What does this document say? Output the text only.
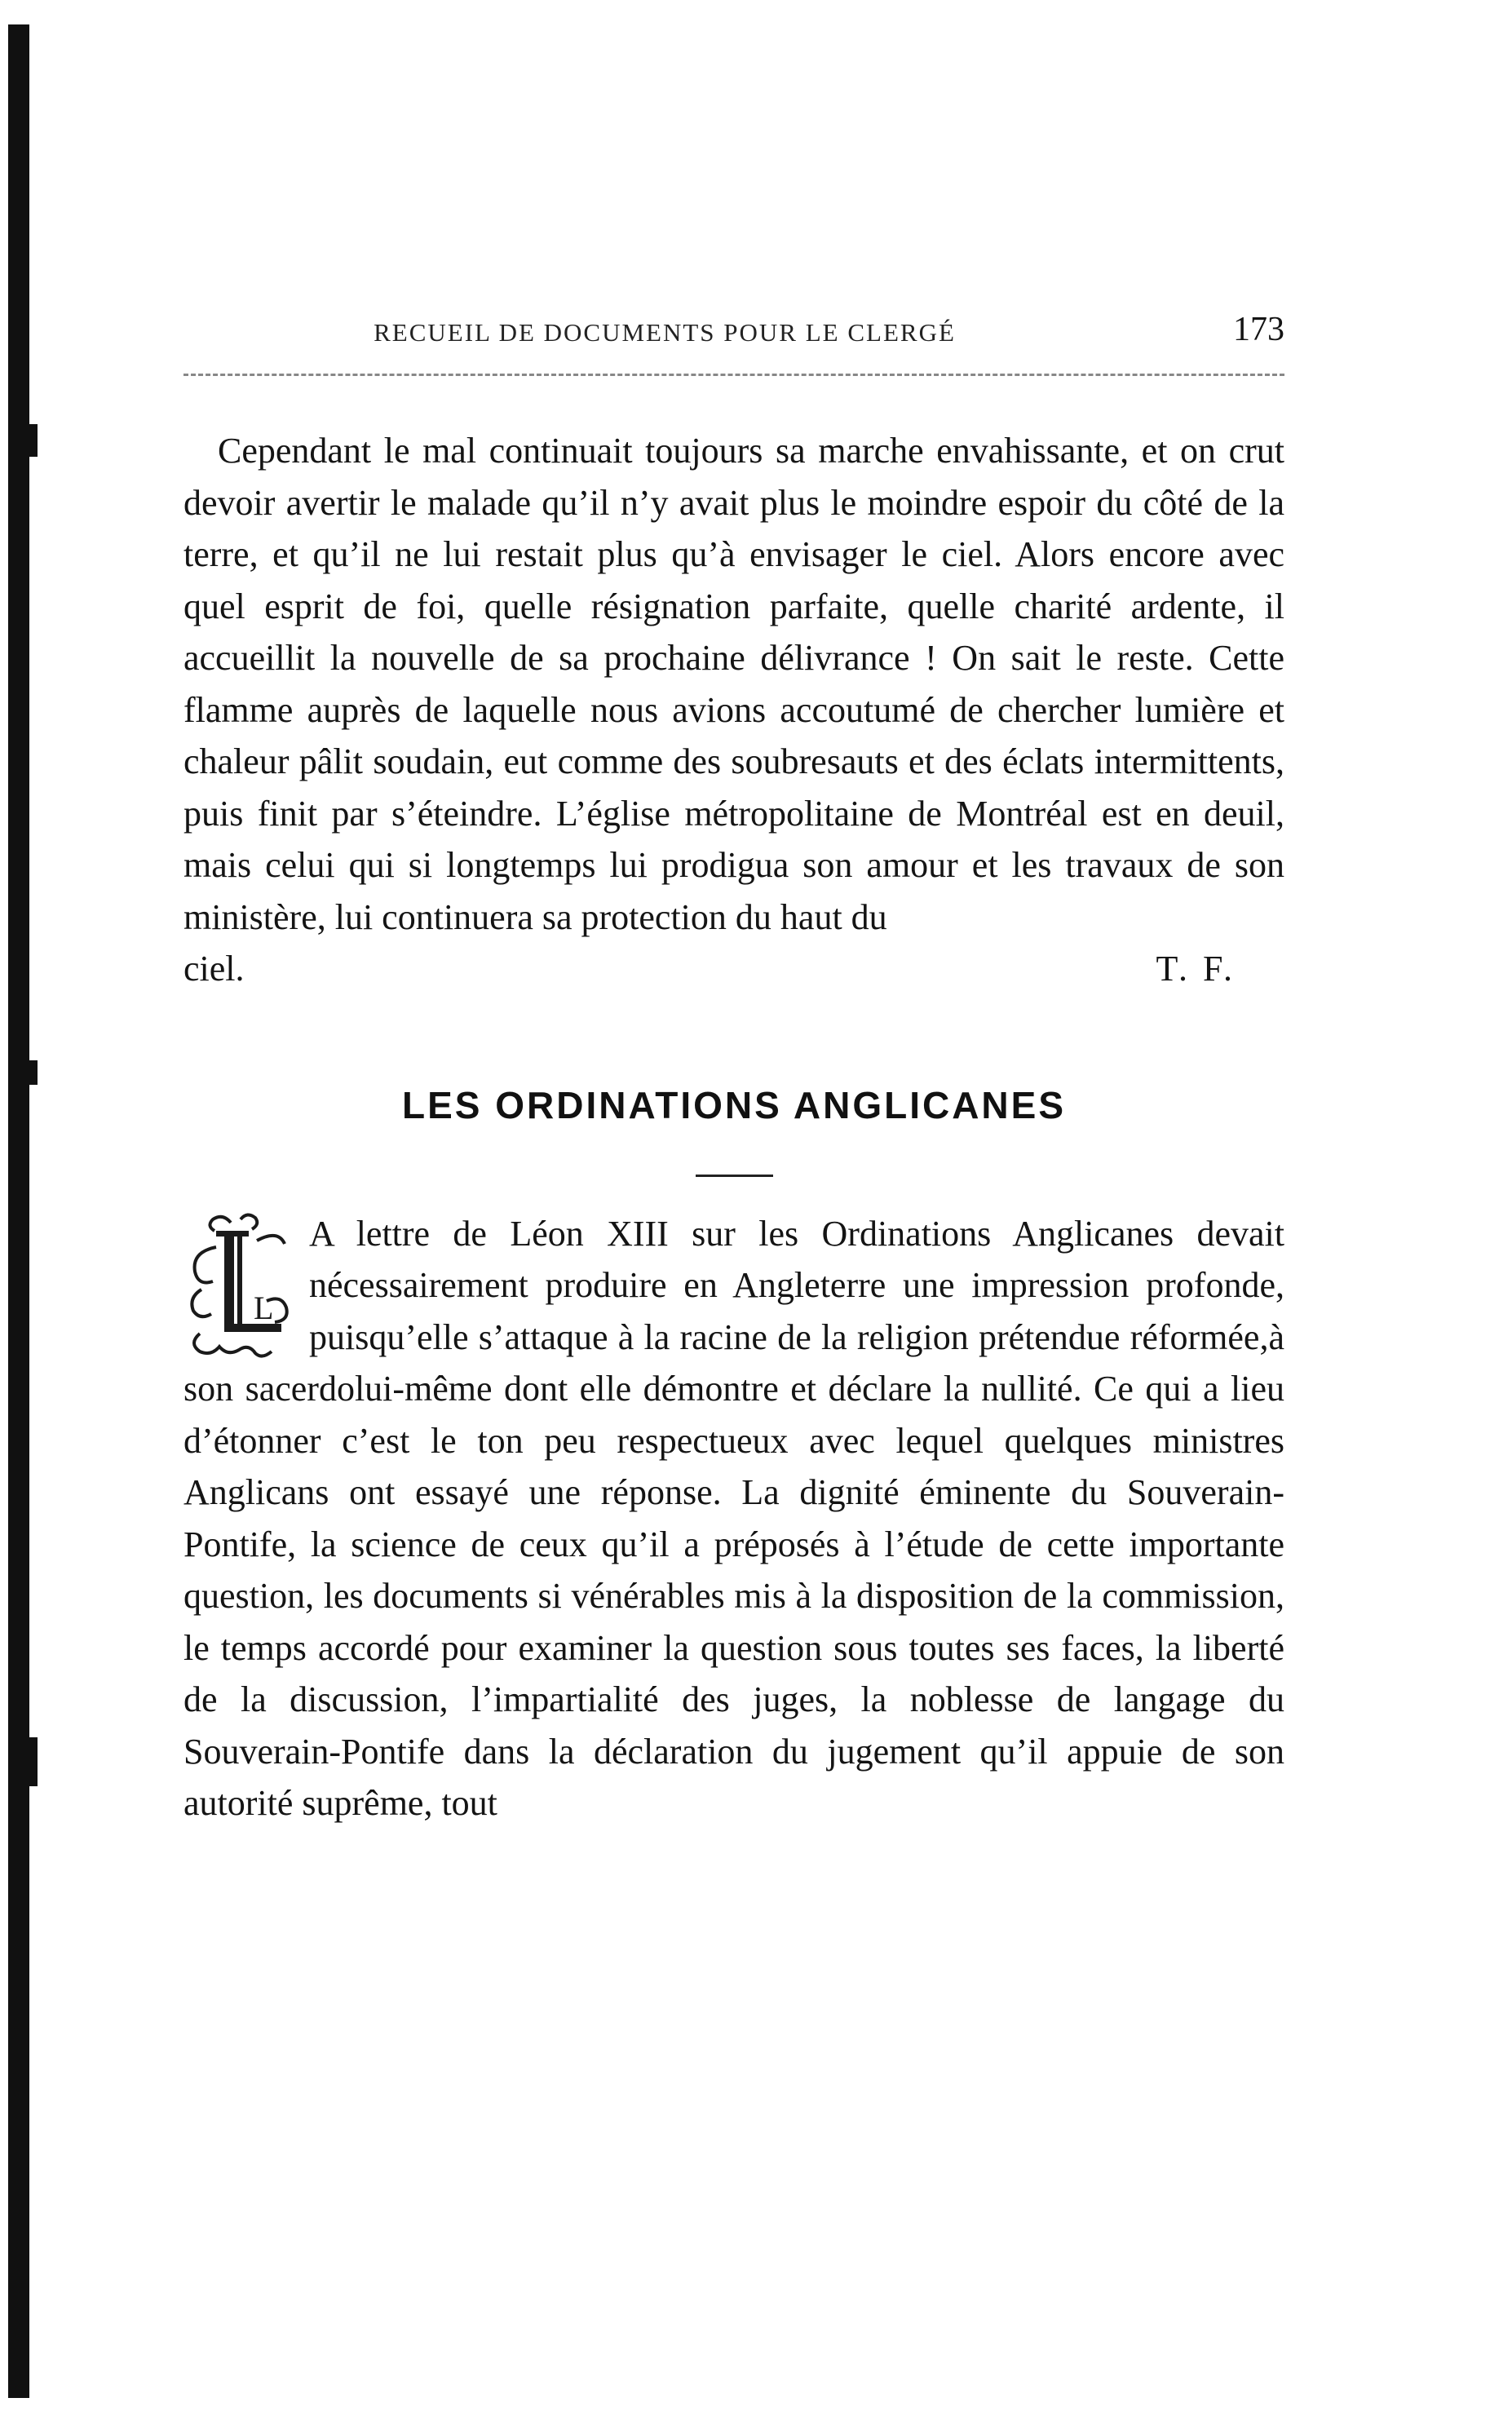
RECUEIL DE DOCUMENTS POUR LE CLERGÉ	173

Cependant le mal continuait toujours sa marche envahissante, et on crut devoir avertir le malade qu’il n’y avait plus le moindre espoir du côté de la terre, et qu’il ne lui restait plus qu’à envisager le ciel. Alors encore avec quel esprit de foi, quelle résignation parfaite, quelle charité ardente, il accueillit la nouvelle de sa prochaine délivrance ! On sait le reste. Cette flamme auprès de laquelle nous avions accoutumé de chercher lumière et chaleur pâlit soudain, eut comme des soubresauts et des éclats intermittents, puis finit par s’éteindre. L’église métropolitaine de Montréal est en deuil, mais celui qui si longtemps lui prodigua son amour et les travaux de son ministère, lui continuera sa protection du haut du

ciel.	T. F.
LES ORDINATIONS ANGLICANES
L

A lettre de Léon XIII sur les Ordinations Anglicanes devait nécessairement produire en Angleterre une impression profonde, puisqu’elle s’attaque à la racine de la religion prétendue réformée,à son sacerdolui-même dont elle démontre et déclare la nullité. Ce qui a lieu d’étonner c’est le ton peu respectueux avec lequel quelques ministres Anglicans ont essayé une réponse. La dignité éminente du Souverain-Pontife, la science de ceux qu’il a préposés à l’étude de cette importante question, les documents si vénérables mis à la disposition de la commission, le temps accordé pour examiner la question sous toutes ses faces, la liberté de la discussion, l’impartialité des juges, la noblesse de langage du Souverain-Pontife dans la déclaration du jugement qu’il appuie de son autorité suprême, tout
